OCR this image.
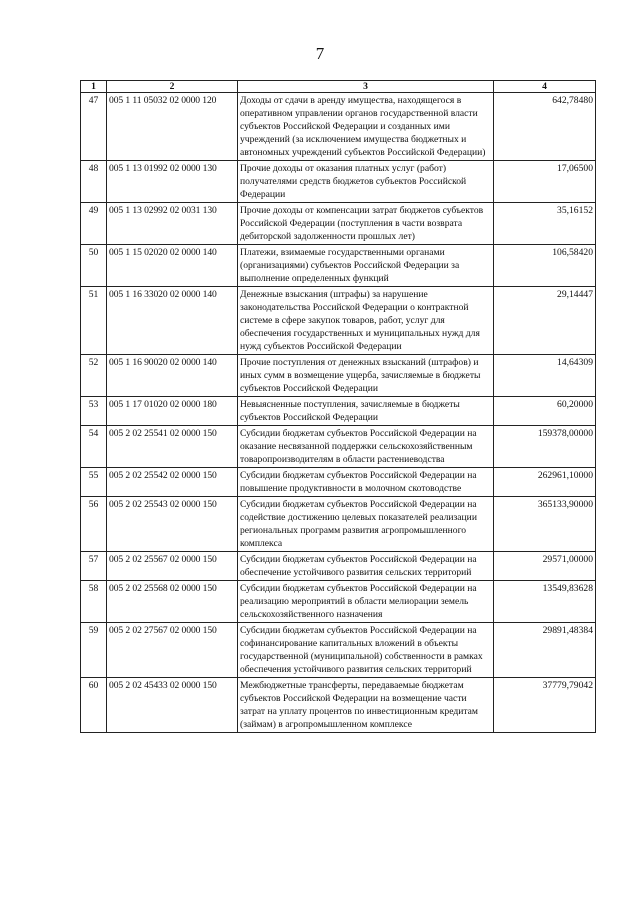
7
1	2	3	4
47	005 1 11 05032 02 0000 120	Доходы от сдачи в аренду имущества, находящегося в оперативном управлении органов государственной власти субъектов Российской Федерации и созданных ими учреждений (за исключением имущества бюджетных и автономных учреждений субъектов Российской Федерации)	642,78480
48	005 1 13 01992 02 0000 130	Прочие доходы от оказания платных услуг (работ) получателями средств бюджетов субъектов Российской Федерации	17,06500
49	005 1 13 02992 02 0031 130	Прочие доходы от компенсации затрат бюджетов субъектов Российской Федерации (поступления в части возврата дебиторской задолженности прошлых лет)	35,16152
50	005 1 15 02020 02 0000 140	Платежи, взимаемые государственными органами (организациями) субъектов Российской Федерации за выполнение определенных функций	106,58420
51	005 1 16 33020 02 0000 140	Денежные взыскания (штрафы) за нарушение законодательства Российской Федерации о контрактной системе в сфере закупок товаров, работ, услуг для обеспечения государственных и муниципальных нужд для нужд субъектов Российской Федерации	29,14447
52	005 1 16 90020 02 0000 140	Прочие поступления от денежных взысканий (штрафов) и иных сумм в возмещение ущерба, зачисляемые в бюджеты субъектов Российской Федерации	14,64309
53	005 1 17 01020 02 0000 180	Невыясненные поступления, зачисляемые в бюджеты субъектов Российской Федерации	60,20000
54	005 2 02 25541 02 0000 150	Субсидии бюджетам субъектов Российской Федерации на оказание несвязанной поддержки сельскохозяйственным товаропроизводителям в области растениеводства	159378,00000
55	005 2 02 25542 02 0000 150	Субсидии бюджетам субъектов Российской Федерации на повышение продуктивности в молочном скотоводстве	262961,10000
56	005 2 02 25543 02 0000 150	Субсидии бюджетам субъектов Российской Федерации на содействие достижению целевых показателей реализации региональных программ развития агропромышленного комплекса	365133,90000
57	005 2 02 25567 02 0000 150	Субсидии бюджетам субъектов Российской Федерации на обеспечение устойчивого развития сельских территорий	29571,00000
58	005 2 02 25568 02 0000 150	Субсидии бюджетам субъектов Российской Федерации на реализацию мероприятий в области мелиорации земель сельскохозяйственного назначения	13549,83628
59	005 2 02 27567 02 0000 150	Субсидии бюджетам субъектов Российской Федерации на софинансирование капитальных вложений в объекты государственной (муниципальной) собственности в рамках обеспечения устойчивого развития сельских территорий	29891,48384
60	005 2 02 45433 02 0000 150	Межбюджетные трансферты, передаваемые бюджетам субъектов Российской Федерации на возмещение части затрат на уплату процентов по инвестиционным кредитам (займам) в агропромышленном комплексе	37779,79042
